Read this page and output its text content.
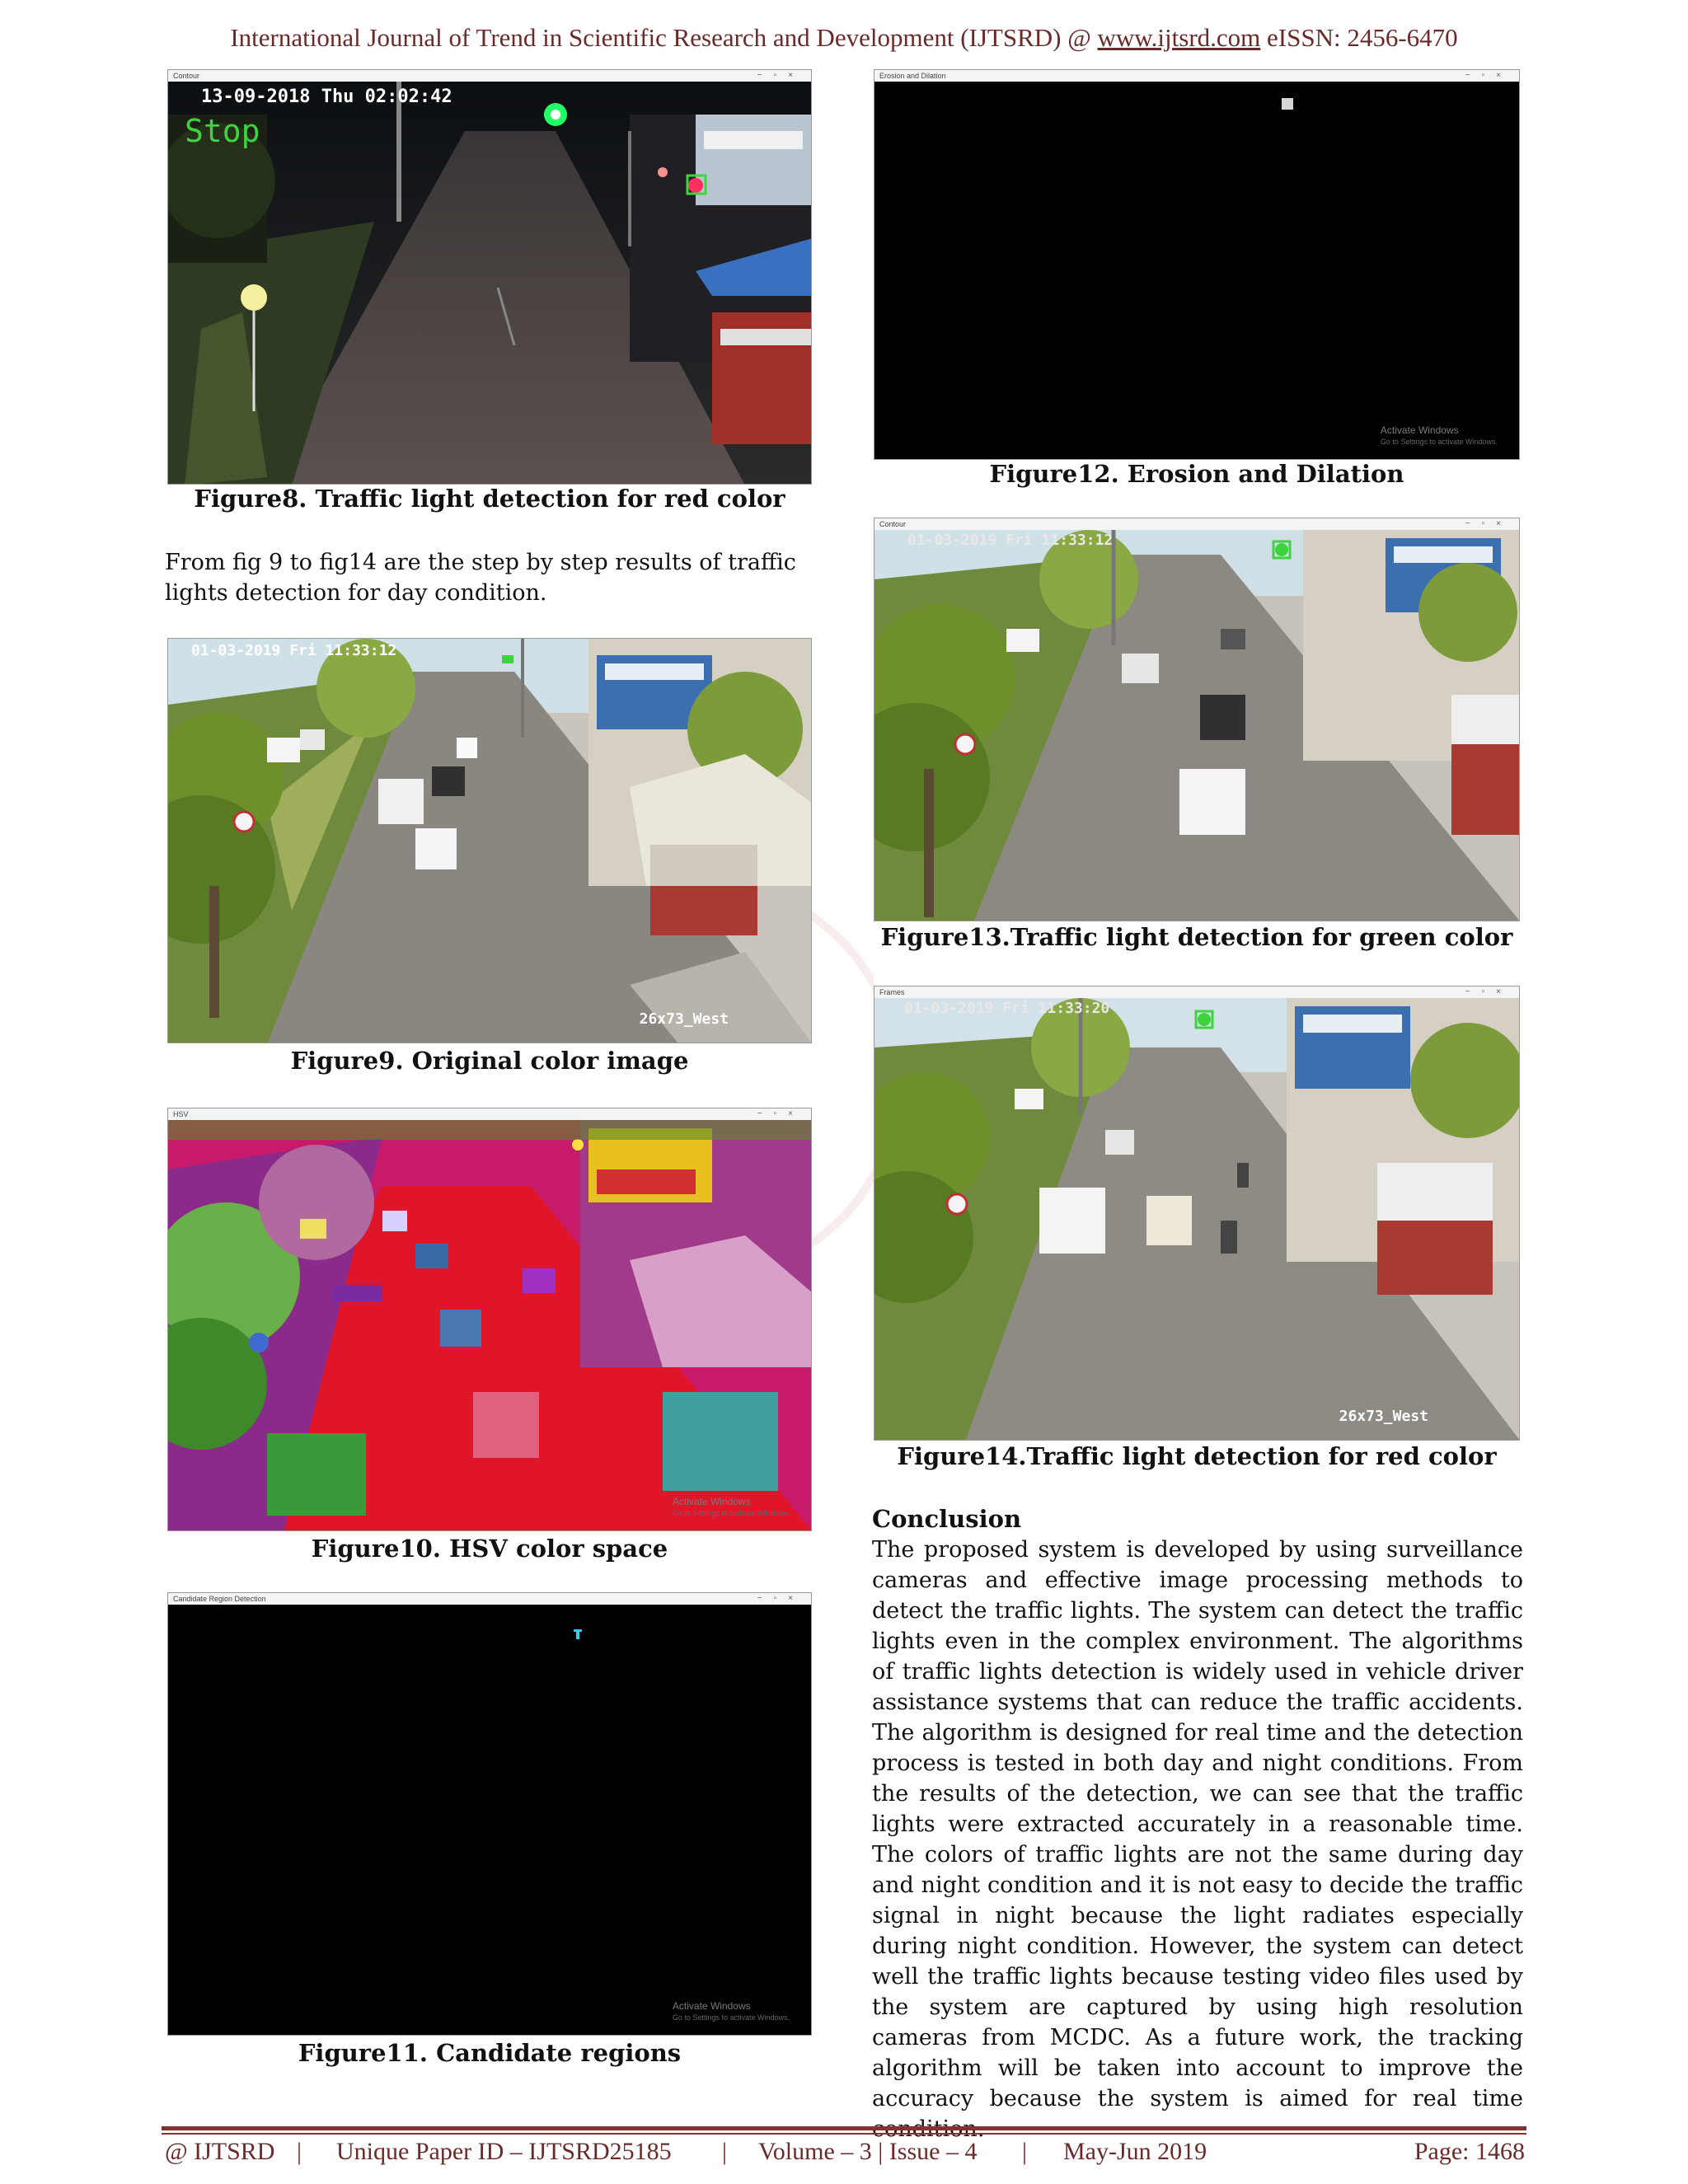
International Journal of Trend in Scientific Research and Development (IJTSRD) @ www.ijtsrd.com eISSN: 2456-6470
Contour	−▫×
13-09-2018 Thu 02:02:42
Stop
Figure8. Traffic light detection for red color
From fig 9 to fig14 are the step by step results of traffic lights detection for day condition.
01-03-2019 Fri 11:33:12
26x73_West
Figure9. Original color image
HSV	−▫×
Activate Windows
Go to Settings to activate Windows.
Figure10. HSV color space
Candidate Region Detection	−▫×
Activate Windows
Go to Settings to activate Windows.
Figure11. Candidate regions
Erosion and Dilation	−▫×
Activate Windows
Go to Settings to activate Windows.
Figure12. Erosion and Dilation
Contour	−▫×
01-03-2019 Fri 11:33:12
Figure13.Traffic light detection for green color
Frames	−▫×
01-03-2019 Fri 11:33:20
26x73_West
Figure14.Traffic light detection for red color
Conclusion
The proposed system is developed by using surveillance cameras and effective image processing methods to detect the traffic lights. The system can detect the traffic lights even in the complex environment. The algorithms of traffic lights detection is widely used in vehicle driver assistance systems that can reduce the traffic accidents. The algorithm is designed for real time and the detection process is tested in both day and night conditions. From the results of the detection, we can see that the traffic lights were extracted accurately in a reasonable time. The colors of traffic lights are not the same during day and night condition and it is not easy to decide the traffic signal in night because the light radiates especially during night condition. However, the system can detect well the traffic lights because testing video files used by the system are captured by using high resolution cameras from MCDC. As a future work, the tracking algorithm will be taken into account to improve the accuracy because the system is aimed for real time
@ IJTSRD | Unique Paper ID – IJTSRD25185 | Volume – 3 | Issue – 4 | May-Jun 2019	Page: 1468
